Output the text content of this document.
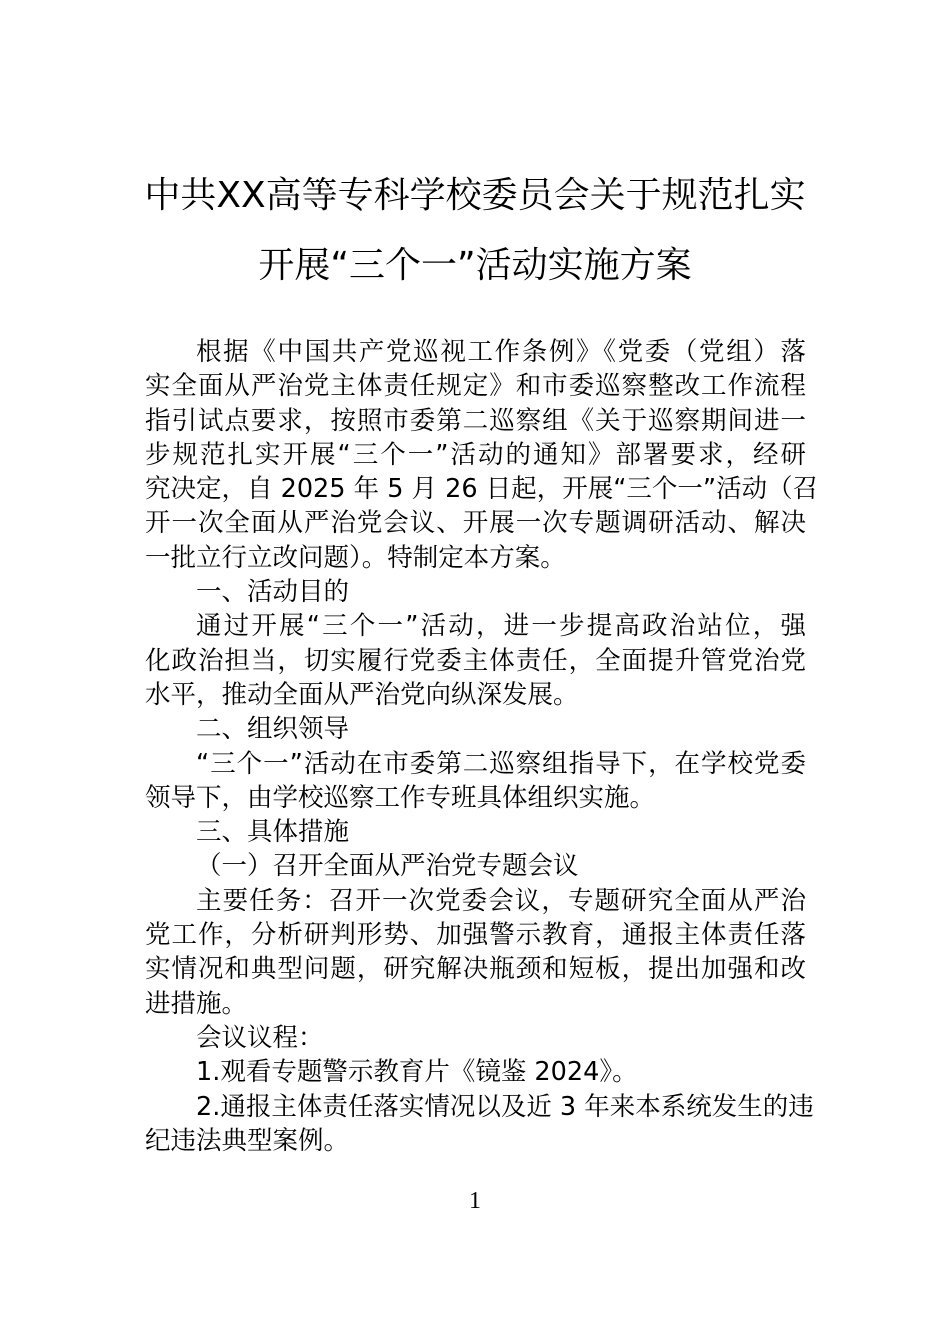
中共XX高等专科学校委员会关于规范扎实
开展“三个一”活动实施方案
根据《中国共产党巡视工作条例》《党委（党组）落
实全面从严治党主体责任规定》和市委巡察整改工作流程
指引试点要求，按照市委第二巡察组《关于巡察期间进一
步规范扎实开展“三个一”活动的通知》部署要求，经研
究决定，自 2025 年 5 月 26 日起，开展“三个一”活动（召
开一次全面从严治党会议、开展一次专题调研活动、解决
一批立行立改问题）。特制定本方案。
一、活动目的
通过开展“三个一”活动，进一步提高政治站位，强
化政治担当，切实履行党委主体责任，全面提升管党治党
水平，推动全面从严治党向纵深发展。
二、组织领导
“三个一”活动在市委第二巡察组指导下，在学校党委
领导下，由学校巡察工作专班具体组织实施。
三、具体措施
（一）召开全面从严治党专题会议
主要任务：召开一次党委会议，专题研究全面从严治
党工作，分析研判形势、加强警示教育，通报主体责任落
实情况和典型问题，研究解决瓶颈和短板，提出加强和改
进措施。
会议议程：
1.观看专题警示教育片《镜鉴 2024》。
2.通报主体责任落实情况以及近 3 年来本系统发生的违
纪违法典型案例。
1
